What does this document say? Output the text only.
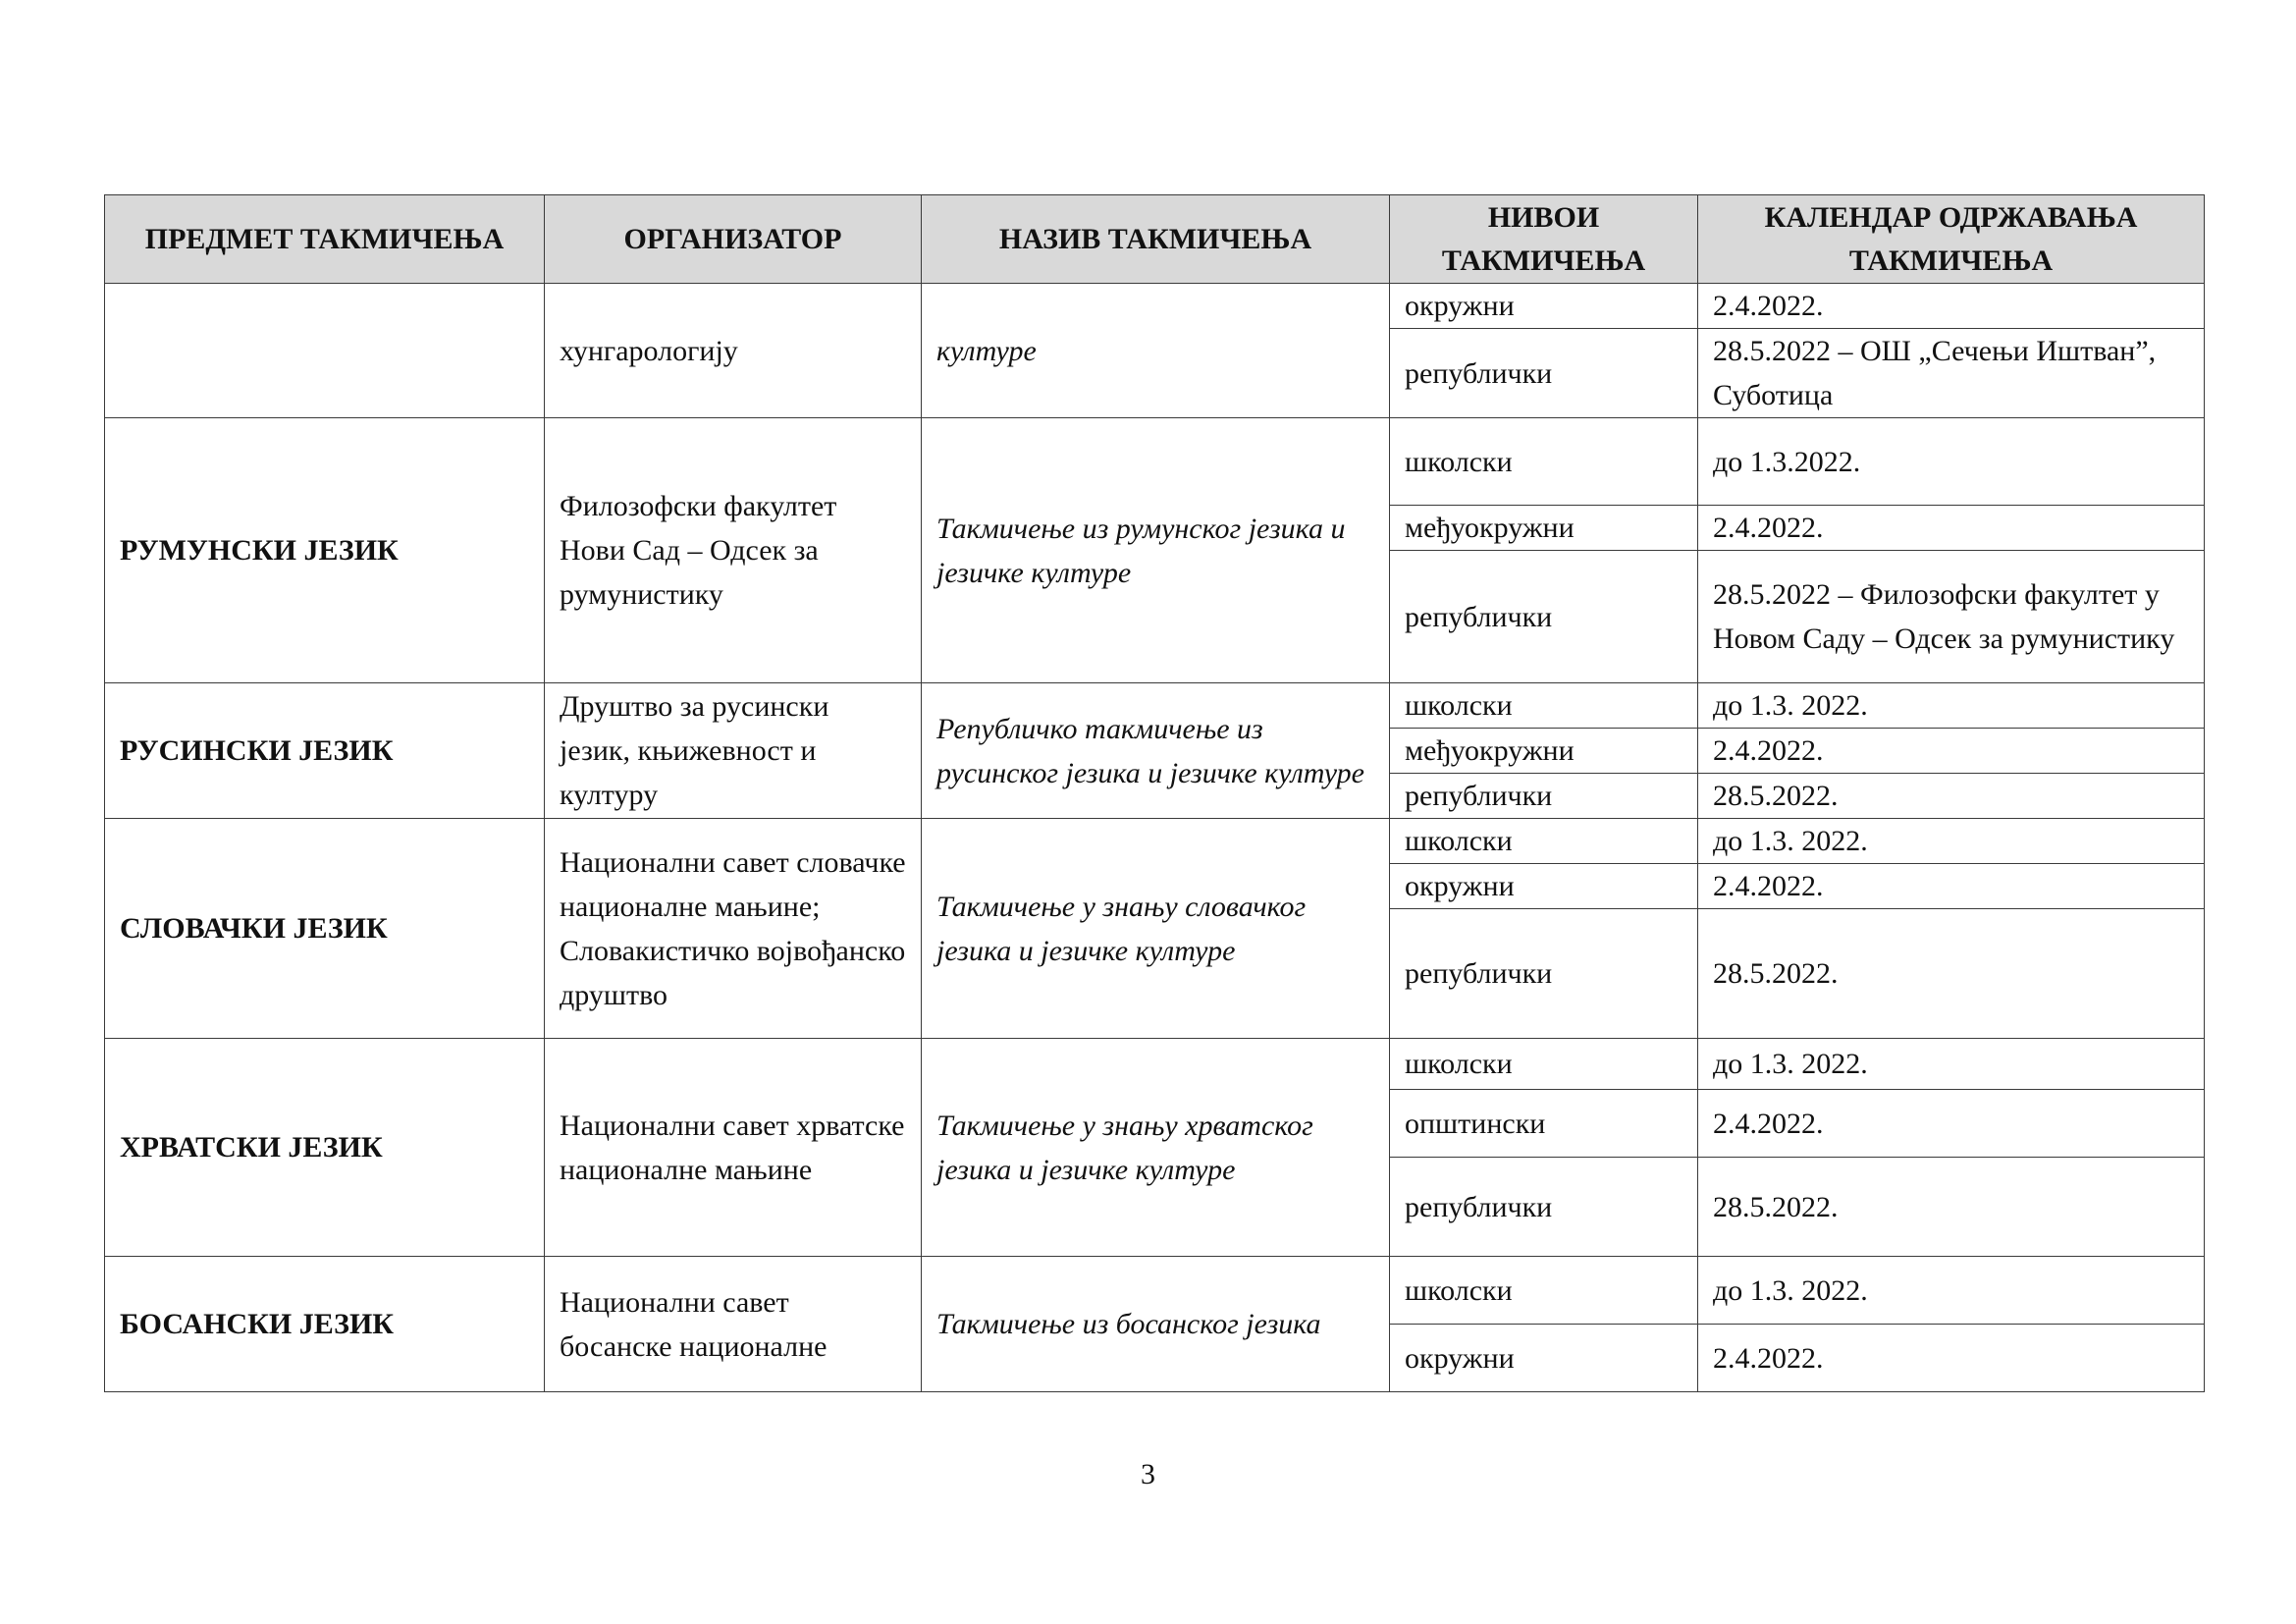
ПРЕДМЕТ ТАКМИЧЕЊА	ОРГАНИЗАТОР	НАЗИВ ТАКМИЧЕЊА	НИВОИ ТАКМИЧЕЊА	КАЛЕНДАР ОДРЖАВАЊА ТАКМИЧЕЊА
	хунгарологију	културе	окружни	2.4.2022.
			републички	28.5.2022 – ОШ „Сечењи Иштван”, Суботица
РУМУНСКИ ЈЕЗИК	Филозофски факултет Нови Сад – Одсек за румунистику	Такмичење из румунског језика и језичке културе	школски	до 1.3.2022.
			међуокружни	2.4.2022.
			републички	28.5.2022 – Филозофски факултет у Новом Саду – Одсек за румунистику
РУСИНСКИ ЈЕЗИК	Друштво за русински језик, књижевност и културу	Републичко такмичење из русинског језика и језичке културе	школски	до 1.3. 2022.
			међуокружни	2.4.2022.
			републички	28.5.2022.
СЛОВАЧКИ ЈЕЗИК	Национални савет словачке националне мањине; Словакистичко војвођанско друштво	Такмичење у знању словачког језика и језичке културе	школски	до 1.3. 2022.
			окружни	2.4.2022.
			републички	28.5.2022.
ХРВАТСКИ ЈЕЗИК	Национални савет хрватске националне мањине	Такмичење у знању хрватског језика и језичке културе	школски	до 1.3. 2022.
			општински	2.4.2022.
			републички	28.5.2022.
БОСАНСКИ ЈЕЗИК	Национални савет босанске националне	Такмичење из босанског језика	школски	до 1.3. 2022.
			окружни	2.4.2022.
3
